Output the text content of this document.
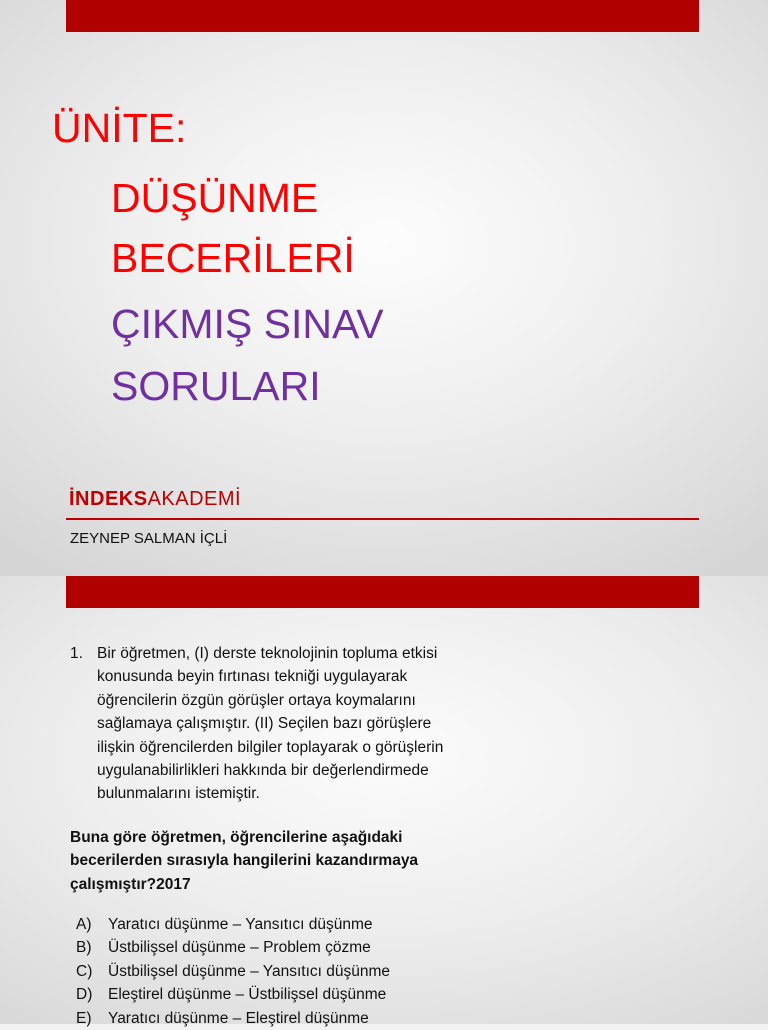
ÜNİTE:
DÜŞÜNME
BECERİLERİ
ÇIKMIŞ SINAV
SORULARI
İNDEKSAKADEMİ
ZEYNEP SALMAN İÇLİ
1. Bir öğretmen, (I) derste teknolojinin topluma etkisi
konusunda beyin fırtınası tekniği uygulayarak
öğrencilerin özgün görüşler ortaya koymalarını
sağlamaya çalışmıştır. (II) Seçilen bazı görüşlere
ilişkin öğrencilerden bilgiler toplayarak o görüşlerin
uygulanabilirlikleri hakkında bir değerlendirmede
bulunmalarını istemiştir.
Buna göre öğretmen, öğrencilerine aşağıdaki
becerilerden sırasıyla hangilerini kazandırmaya
çalışmıştır?2017
A) Yaratıcı düşünme – Yansıtıcı düşünme
B) Üstbilişsel düşünme – Problem çözme
C) Üstbilişsel düşünme – Yansıtıcı düşünme
D) Eleştirel düşünme – Üstbilişsel düşünme
E) Yaratıcı düşünme – Eleştirel düşünme
